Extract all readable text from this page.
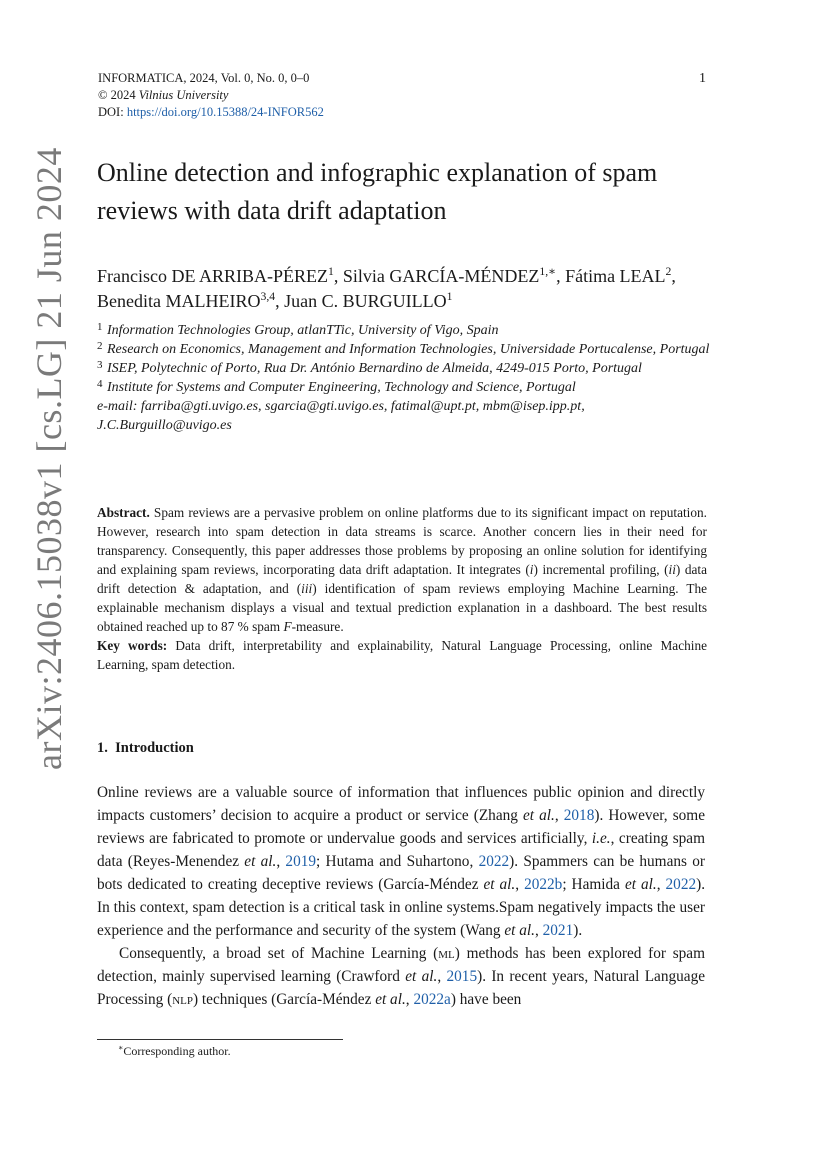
arXiv:2406.15038v1 [cs.LG] 21 Jun 2024
INFORMATICA, 2024, Vol. 0, No. 0, 0–0
© 2024 Vilnius University
DOI: https://doi.org/10.15388/24-INFOR562
1
Online detection and infographic explanation of spam reviews with data drift adaptation
Francisco DE ARRIBA-PÉREZ$^1$, Silvia GARCÍA-$MÉNDEZ^{1,∗}$, Fátima LEAL$^2$, Benedita MALHEIRO$^{3,4}$, Juan C. BURGUILLO$^1$
1 Information Technologies Group, atlanTTic, University of Vigo, Spain
2 Research on Economics, Management and Information Technologies, Universidade Portucalense, Portugal
3 ISEP, Polytechnic of Porto, Rua Dr. António Bernardino de Almeida, 4249-015 Porto, Portugal
4 Institute for Systems and Computer Engineering, Technology and Science, Portugal
e-mail: farriba@gti.uvigo.es, sgarcia@gti.uvigo.es, fatimal@upt.pt, mbm@isep.ipp.pt, J.C.Burguillo@uvigo.es

Abstract. Spam reviews are a pervasive problem on online platforms due to its significant impact on reputation. However, research into spam detection in data streams is scarce. Another concern lies in their need for transparency. Consequently, this paper addresses those problems by proposing an online solution for identifying and explaining spam reviews, incorporating data drift adaptation. It integrates (i) incremental profiling, (ii) data drift detection & adaptation, and (iii) identification of spam reviews employing Machine Learning. The explainable mechanism displays a visual and textual prediction explanation in a dashboard. The best results obtained reached up to 87 % spam F-measure.

Key words: Data drift, interpretability and explainability, Natural Language Processing, online Machine Learning, spam detection.

1. Introduction

Online reviews are a valuable source of information that influences public opinion and directly impacts customers’ decision to acquire a product or service (Zhang et al., 2018). However, some reviews are fabricated to promote or undervalue goods and services artificially, i.e., creating spam data (Reyes-Menendez et al., 2019; Hutama and Suhartono, 2022). Spammers can be humans or bots dedicated to creating deceptive reviews (García-Méndez et al., 2022b; Hamida et al., 2022). In this context, spam detection is a critical task in online systems.Spam negatively impacts the user experience and the performance and security of the system (Wang et al., 2021).

Consequently, a broad set of Machine Learning (ml) methods has been explored for spam detection, mainly supervised learning (Crawford et al., 2015). In recent years, Natural Language Processing (nlp) techniques (García-Méndez et al., 2022a) have been

∗Corresponding author.
